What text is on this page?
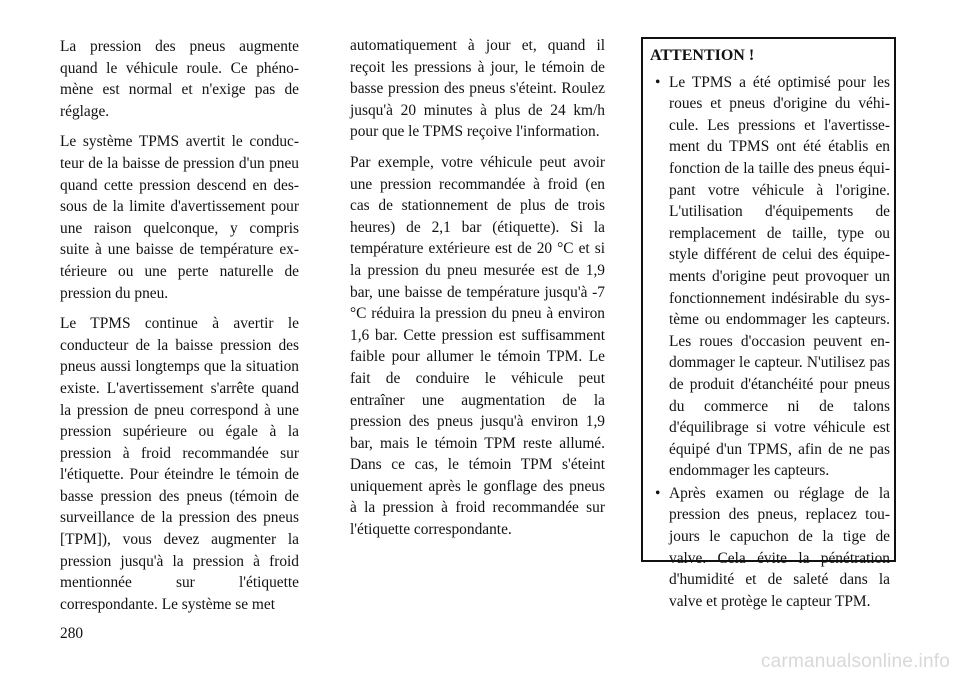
La pression des pneus augmente quand le véhicule roule. Ce phénomène est normal et n'exige pas de réglage.

Le système TPMS avertit le conducteur de la baisse de pression d'un pneu quand cette pression descend en dessous de la limite d'avertissement pour une raison quelconque, y compris suite à une baisse de température extérieure ou une perte naturelle de pression du pneu.

Le TPMS continue à avertir le conducteur de la baisse pression des pneus aussi longtemps que la situation existe. L'avertissement s'arrête quand la pression de pneu correspond à une pression supérieure ou égale à la pression à froid recommandée sur l'étiquette. Pour éteindre le témoin de basse pression des pneus (témoin de surveillance de la pression des pneus [TPM]), vous devez augmenter la pression jusqu'à la pression à froid mentionnée sur l'étiquette correspondante. Le système se met

automatiquement à jour et, quand il reçoit les pressions à jour, le témoin de basse pression des pneus s'éteint. Roulez jusqu'à 20 minutes à plus de 24 km/h pour que le TPMS reçoive l'information.

Par exemple, votre véhicule peut avoir une pression recommandée à froid (en cas de stationnement de plus de trois heures) de 2,1 bar (étiquette). Si la température extérieure est de 20 °C et si la pression du pneu mesurée est de 1,9 bar, une baisse de température jusqu'à -7 °C réduira la pression du pneu à environ 1,6 bar. Cette pression est suffisamment faible pour allumer le témoin TPM. Le fait de conduire le véhicule peut entraîner une augmentation de la pression des pneus jusqu'à environ 1,9 bar, mais le témoin TPM reste allumé. Dans ce cas, le témoin TPM s'éteint uniquement après le gonflage des pneus à la pression à froid recommandée sur l'étiquette correspondante.

ATTENTION !
• Le TPMS a été optimisé pour les roues et pneus d'origine du véhicule. Les pressions et l'avertissement du TPMS ont été établis en fonction de la taille des pneus équipant votre véhicule à l'origine. L'utilisation d'équipements de remplacement de taille, type ou style différent de celui des équipements d'origine peut provoquer un fonctionnement indésirable du système ou endommager les capteurs. Les roues d'occasion peuvent endommager le capteur. N'utilisez pas de produit d'étanchéité pour pneus du commerce ni de talons d'équilibrage si votre véhicule est équipé d'un TPMS, afin de ne pas endommager les capteurs.
• Après examen ou réglage de la pression des pneus, replacez toujours le capuchon de la tige de valve. Cela évite la pénétration d'humidité et de saleté dans la valve et protège le capteur TPM.
280
carmanualsonline.info
